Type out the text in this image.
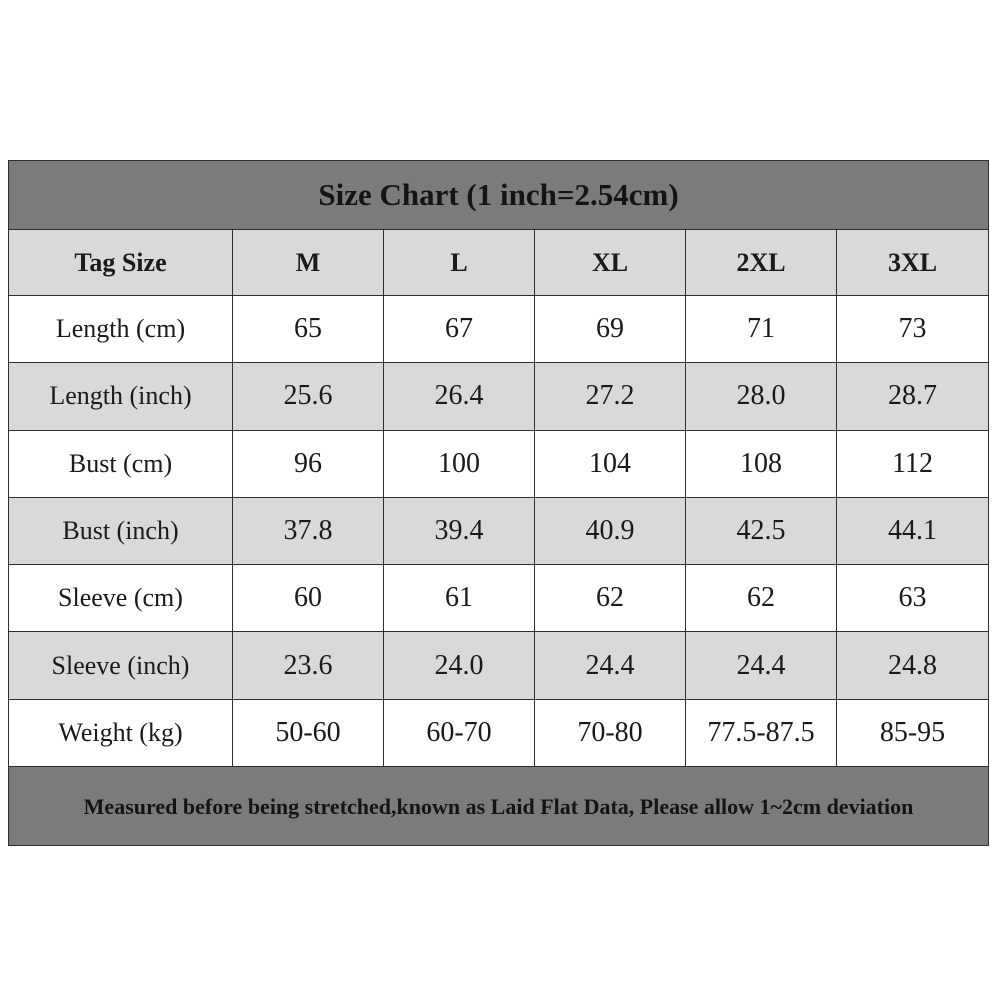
Size Chart (1 inch=2.54cm)					
Tag Size	M	L	XL	2XL	3XL
Length (cm)	65	67	69	71	73
Length (inch)	25.6	26.4	27.2	28.0	28.7
Bust (cm)	96	100	104	108	112
Bust (inch)	37.8	39.4	40.9	42.5	44.1
Sleeve (cm)	60	61	62	62	63
Sleeve (inch)	23.6	24.0	24.4	24.4	24.8
Weight (kg)	50-60	60-70	70-80	77.5-87.5	85-95
Measured before being stretched,known as Laid Flat Data, Please allow 1~2cm deviation					
